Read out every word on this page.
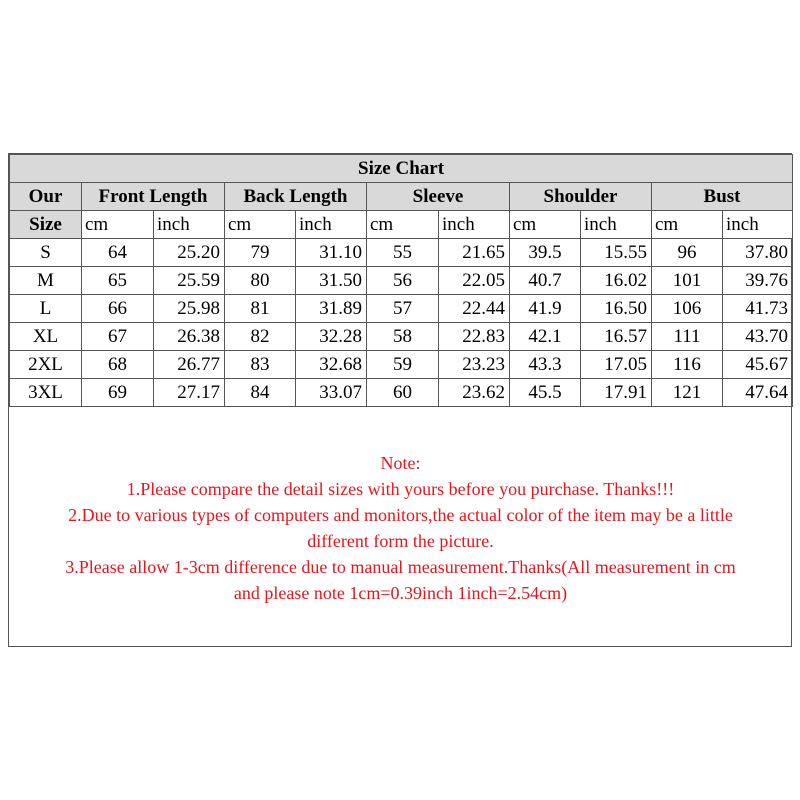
Size Chart										
Our	Front Length		Back Length		Sleeve		Shoulder		Bust	
Size	cm	inch	cm	inch	cm	inch	cm	inch	cm	inch
S	64	25.20	79	31.10	55	21.65	39.5	15.55	96	37.80
M	65	25.59	80	31.50	56	22.05	40.7	16.02	101	39.76
L	66	25.98	81	31.89	57	22.44	41.9	16.50	106	41.73
XL	67	26.38	82	32.28	58	22.83	42.1	16.57	111	43.70
2XL	68	26.77	83	32.68	59	23.23	43.3	17.05	116	45.67
3XL	69	27.17	84	33.07	60	23.62	45.5	17.91	121	47.64
Note:
1.Please compare the detail sizes with yours before you purchase. Thanks!!!
2.Due to various types of computers and monitors,the actual color of the item may be a little
different form the picture.
3.Please allow 1-3cm difference due to manual measurement.Thanks(All measurement in cm
and please note 1cm=0.39inch 1inch=2.54cm)
